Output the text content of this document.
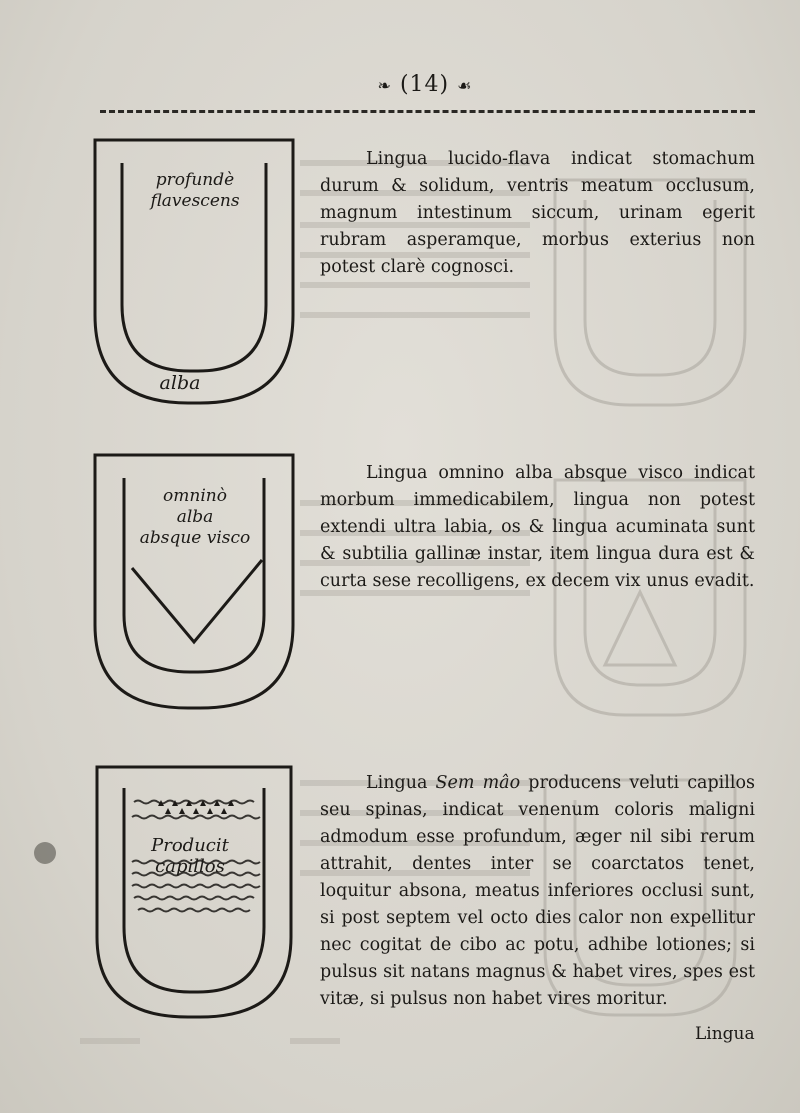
❧ (14) ☙
profundè
flavescens
alba
Lingua lucido-flava indicat stomachum durum & solidum, ventris meatum occlusum, magnum intestinum siccum, urinam egerit rubram asperamque, morbus exterius non potest clarè cognosci.
omninò
alba
absque visco
Lingua omnino alba absque visco indicat morbum immedicabilem, lingua non potest extendi ultra labia, os & lingua acuminata sunt & subtilia gallinæ instar, item lingua dura est & curta sese recolligens, ex decem vix unus evadit.
Producit
capillos
Lingua Sem mâo producens veluti capillos seu spinas, indicat venenum coloris maligni admodum esse profundum, æger nil sibi rerum attrahit, dentes inter se coarctatos tenet, loquitur absona, meatus inferiores occlusi sunt, si post septem vel octo dies calor non expellitur nec cogitat de cibo ac potu, adhibe lotiones; si pulsus sit natans magnus & habet vires, spes est vitæ, si pulsus non habet vires moritur.
Lingua
